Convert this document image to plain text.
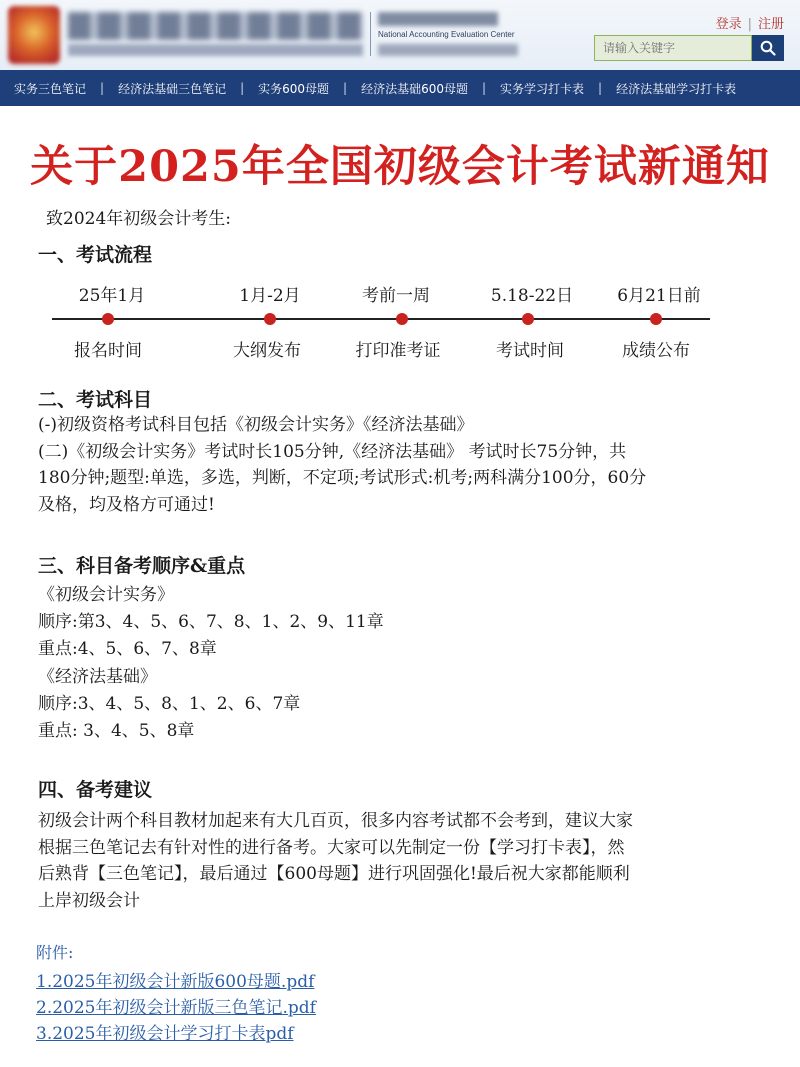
National Accounting Evaluation Center
登录 | 注册
请输入关键字
实务三色笔记	|	经济法基础三色笔记	|	实务600母题	|	经济法基础600母题	|	实务学习打卡表	|	经济法基础学习打卡表
关于2025年全国初级会计考试新通知
致2024年初级会计考生:
一、考试流程
25年1月	1月-2月	考前一周	5.18-22日	6月21日前
报名时间	大纲发布	打印准考证	考试时间	成绩公布
二、考试科目
(-)初级资格考试科目包括《初级会计实务》《经济法基础》
(二)《初级会计实务》考试时长105分钟,《经济法基础》 考试时长75分钟，共
180分钟;题型:单选，多选，判断，不定项;考试形式:机考;两科满分100分，60分
及格，均及格方可通过!
三、科目备考顺序&重点
《初级会计实务》
顺序:第3、4、5、6、7、8、1、2、9、11章
重点:4、5、6、7、8章
《经济法基础》
顺序:3、4、5、8、1、2、6、7章
重点: 3、4、5、8章
四、备考建议
初级会计两个科目教材加起来有大几百页，很多内容考试都不会考到，建议大家
根据三色笔记去有针对性的进行备考。大家可以先制定一份【学习打卡表】，然
后熟背【三色笔记】，最后通过【600母题】进行巩固强化!最后祝大家都能顺利
上岸初级会计
附件:
1.2025年初级会计新版600母题.pdf
2.2025年初级会计新版三色笔记.pdf
3.2025年初级会计学习打卡表pdf
